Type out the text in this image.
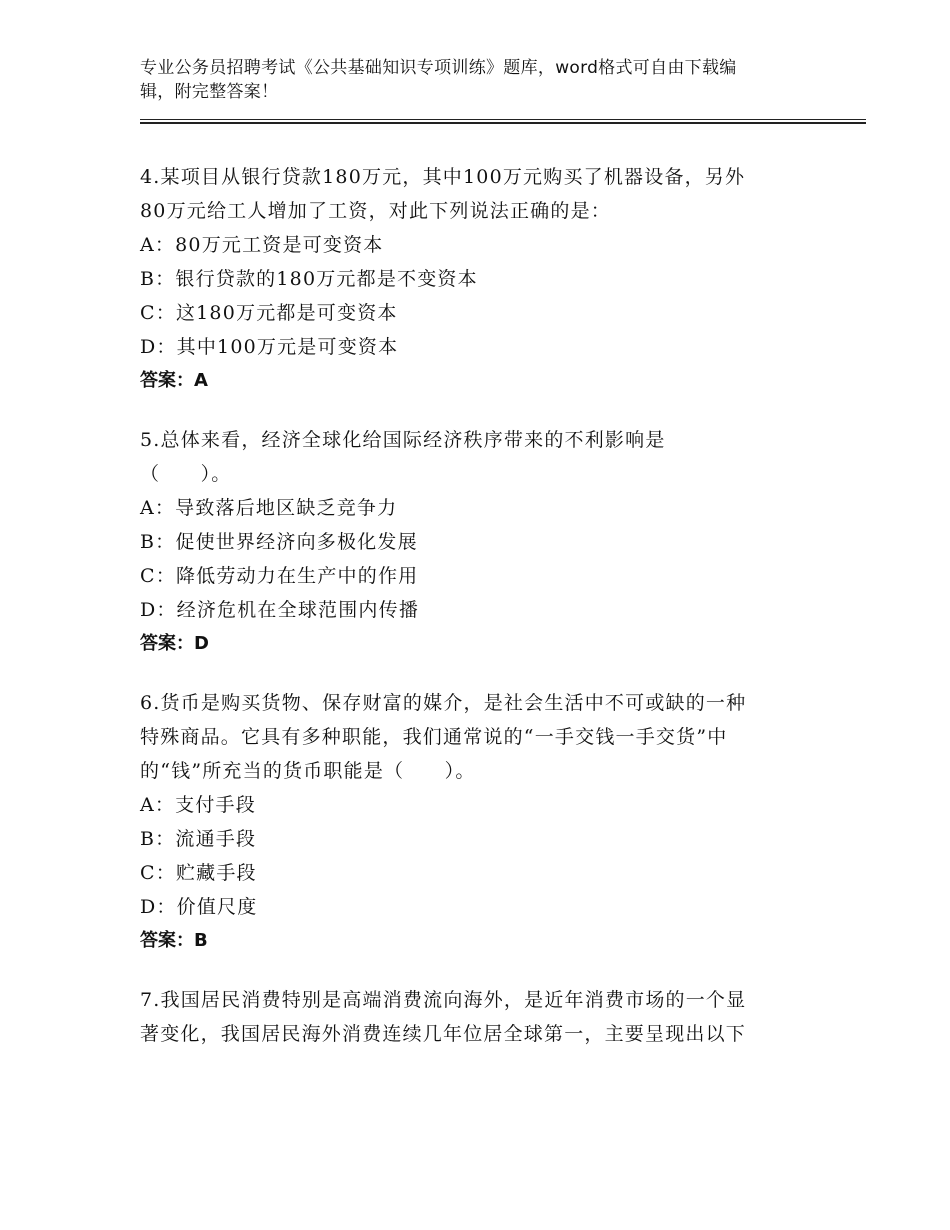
专业公务员招聘考试《公共基础知识专项训练》题库，word格式可自由下载编
辑，附完整答案！
4.某项目从银行贷款180万元，其中100万元购买了机器设备，另外
80万元给工人增加了工资，对此下列说法正确的是：
A：80万元工资是可变资本
B：银行贷款的180万元都是不变资本
C：这180万元都是可变资本
D：其中100万元是可变资本
答案：A
5.总体来看，经济全球化给国际经济秩序带来的不利影响是
（　　）。
A：导致落后地区缺乏竞争力
B：促使世界经济向多极化发展
C：降低劳动力在生产中的作用
D：经济危机在全球范围内传播
答案：D
6.货币是购买货物、保存财富的媒介，是社会生活中不可或缺的一种
特殊商品。它具有多种职能，我们通常说的“一手交钱一手交货”中
的“钱”所充当的货币职能是（　　）。
A：支付手段
B：流通手段
C：贮藏手段
D：价值尺度
答案：B
7.我国居民消费特别是高端消费流向海外，是近年消费市场的一个显
著变化，我国居民海外消费连续几年位居全球第一，主要呈现出以下
